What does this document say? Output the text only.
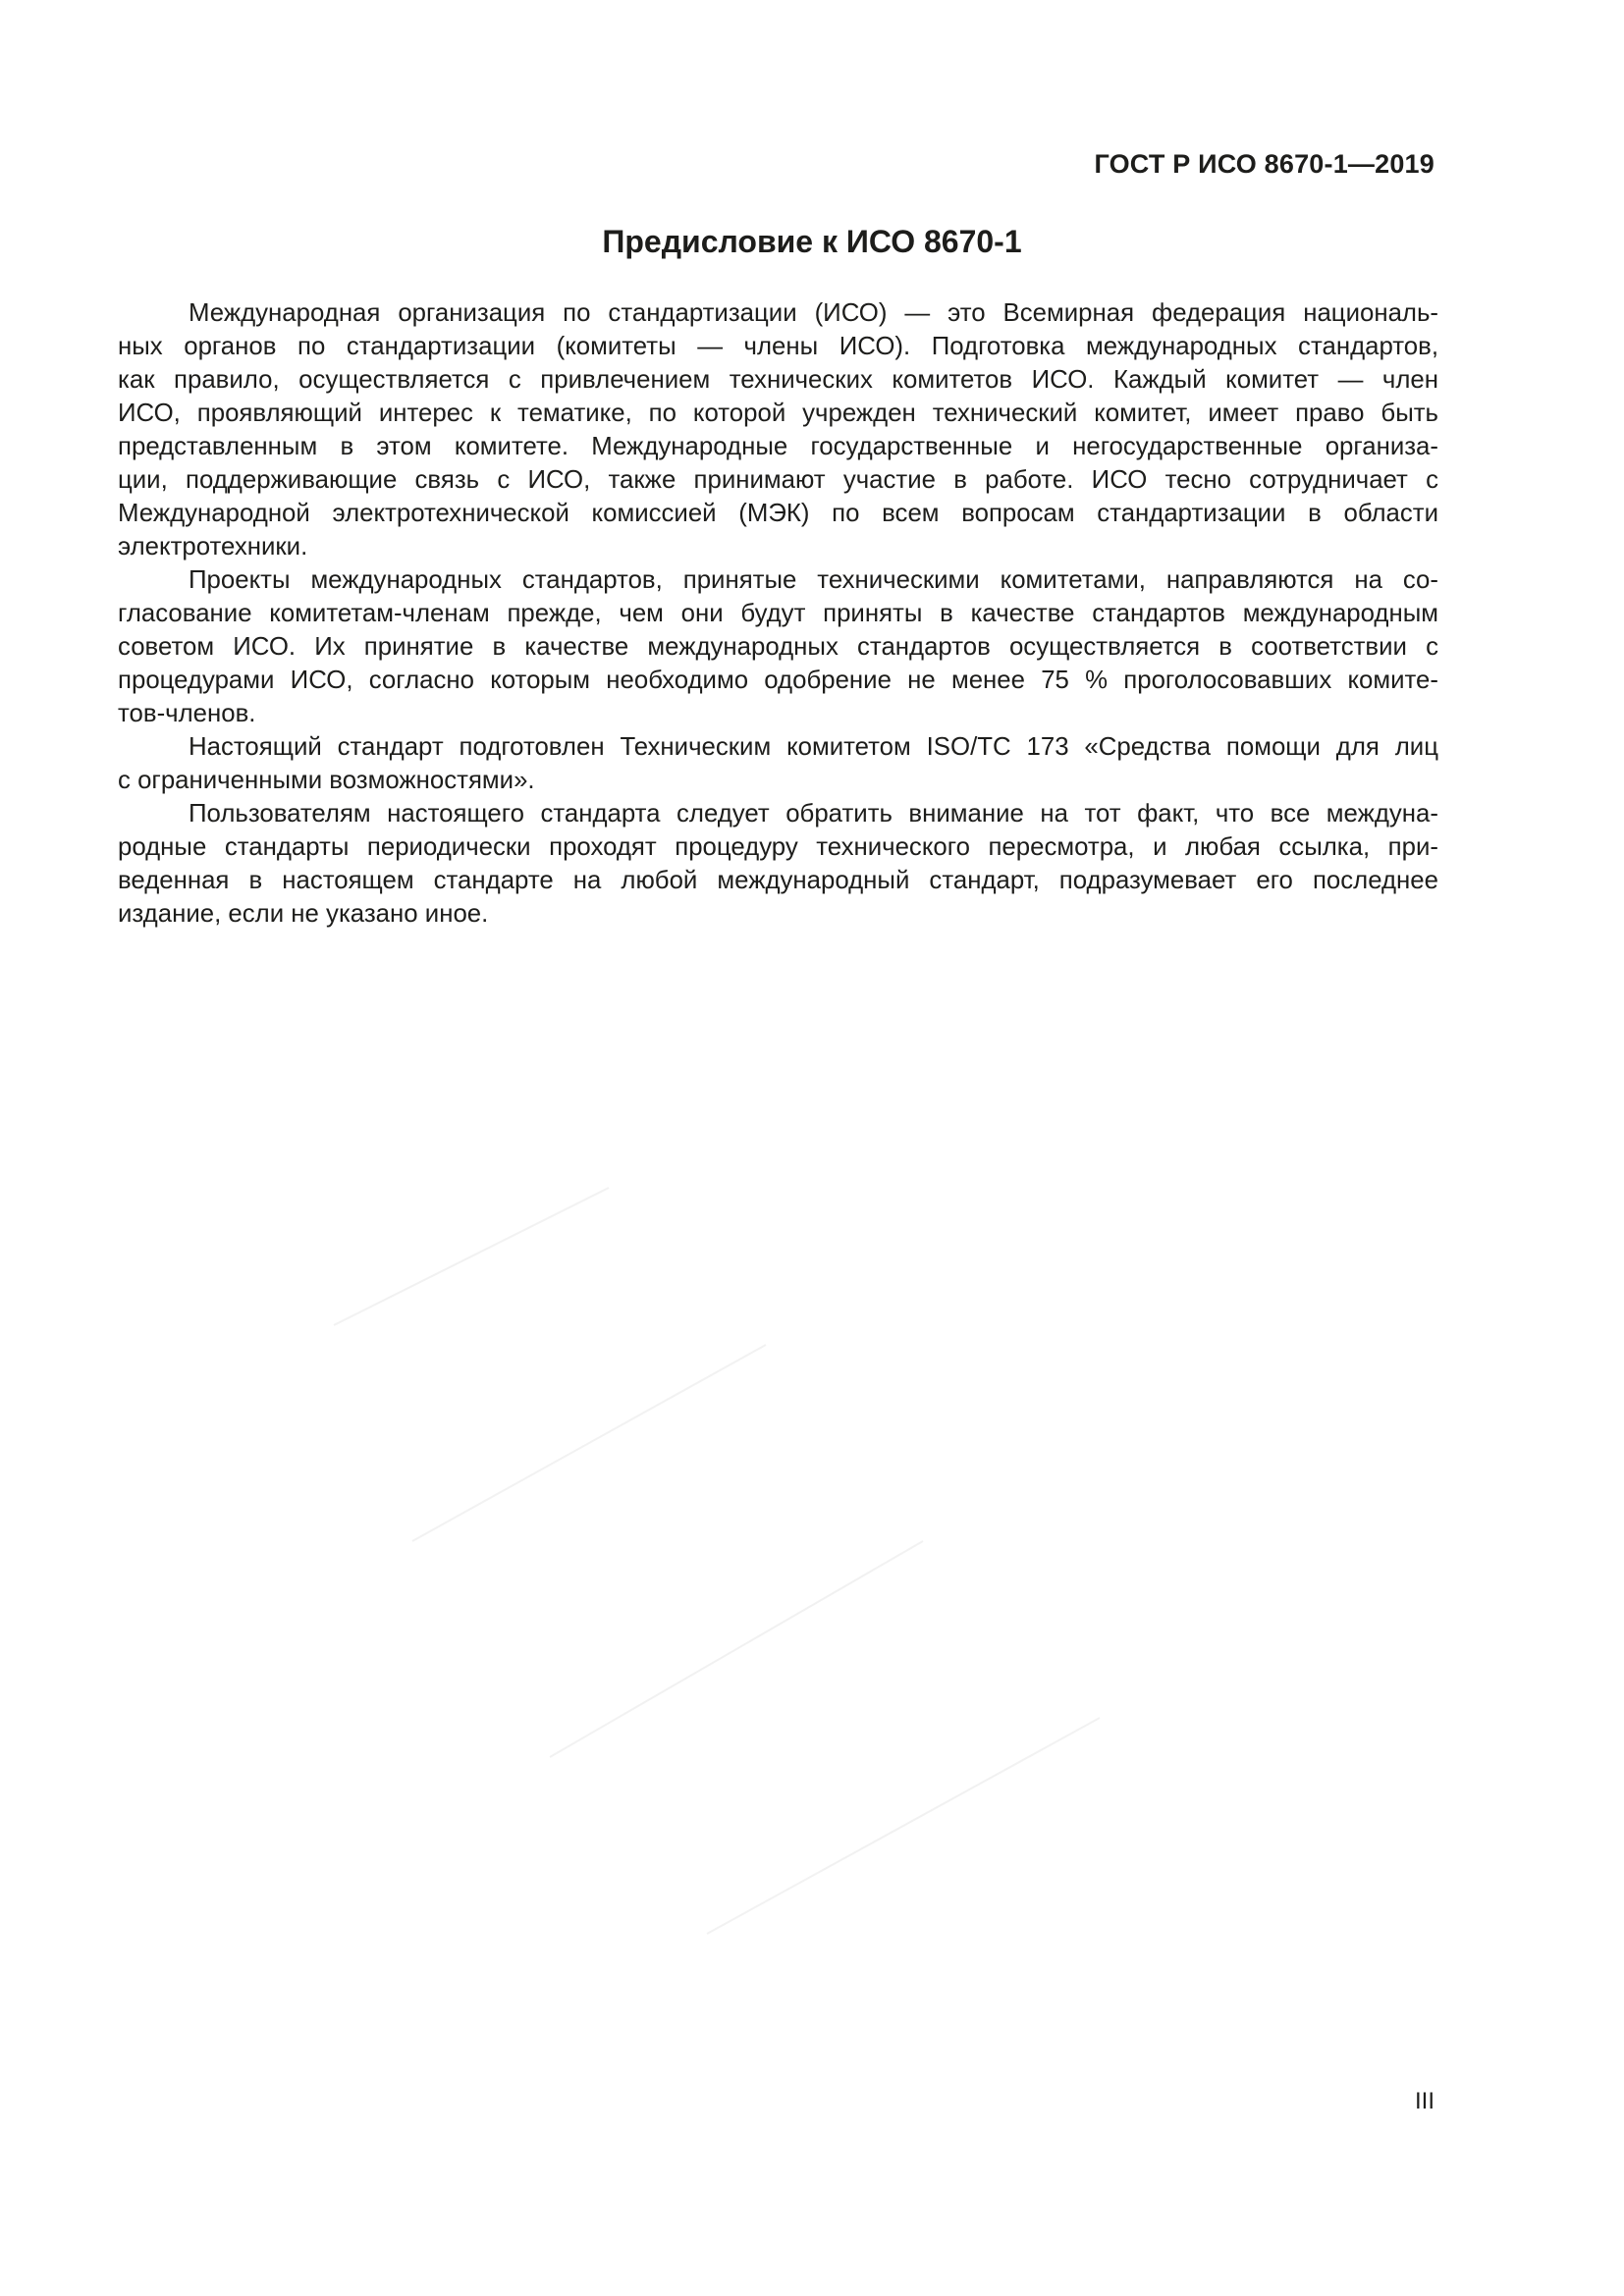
ГОСТ Р ИСО 8670-1—2019
Предисловие к ИСО 8670-1
Международная организация по стандартизации (ИСО) — это Всемирная федерация националь-
ных органов по стандартизации (комитеты — члены ИСО). Подготовка международных стандартов,
как правило, осуществляется с привлечением технических комитетов ИСО. Каждый комитет — член
ИСО, проявляющий интерес к тематике, по которой учрежден технический комитет, имеет право быть
представленным в этом комитете. Международные государственные и негосударственные организа-
ции, поддерживающие связь с ИСО, также принимают участие в работе. ИСО тесно сотрудничает с
Международной электротехнической комиссией (МЭК) по всем вопросам стандартизации в области
электротехники.
Проекты международных стандартов, принятые техническими комитетами, направляются на со-
гласование комитетам-членам прежде, чем они будут приняты в качестве стандартов международным
советом ИСО. Их принятие в качестве международных стандартов осуществляется в соответствии с
процедурами ИСО, согласно которым необходимо одобрение не менее 75 % проголосовавших комите-
тов-членов.
Настоящий стандарт подготовлен Техническим комитетом ISO/TC 173 «Средства помощи для лиц
с ограниченными возможностями».
Пользователям настоящего стандарта следует обратить внимание на тот факт, что все междуна-
родные стандарты периодически проходят процедуру технического пересмотра, и любая ссылка, при-
веденная в настоящем стандарте на любой международный стандарт, подразумевает его последнее
издание, если не указано иное.
III
